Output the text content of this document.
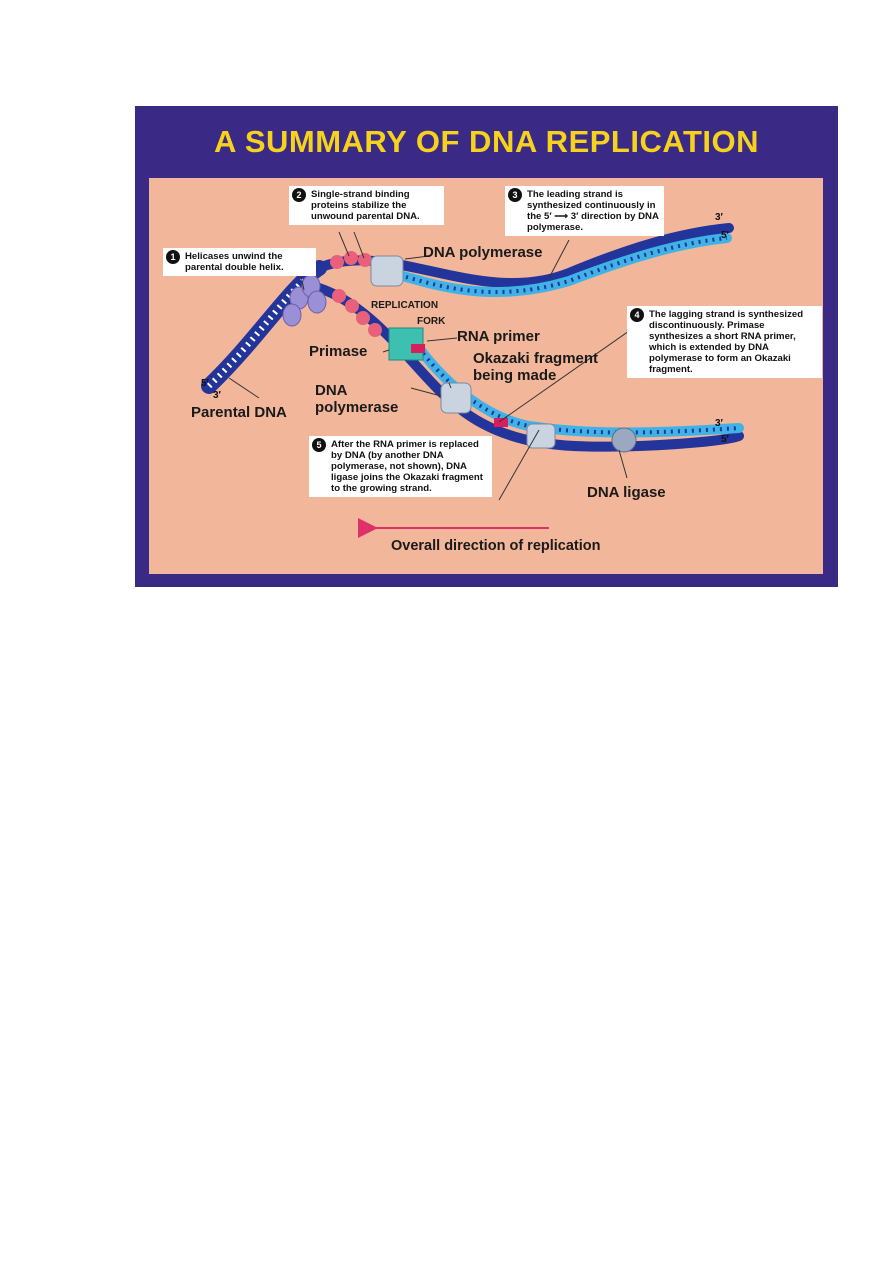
A SUMMARY OF DNA REPLICATION
1 Helicases unwind the parental double helix.
2 Single-strand binding proteins stabilize the unwound parental DNA.
3 The leading strand is synthesized continuously in the 5′ ⟶ 3′ direction by DNA polymerase.
4 The lagging strand is synthesized discontinuously. Primase synthesizes a short RNA primer, which is extended by DNA polymerase to form an Okazaki fragment.
5 After the RNA primer is replaced by DNA (by another DNA polymerase, not shown), DNA ligase joins the Okazaki fragment to the growing strand.
DNA polymerase
REPLICATION
FORK
RNA primer
Primase	Okazaki fragment
being made
DNA
polymerase
Parental DNA
DNA ligase
Overall direction of replication
3′
5′
5′
3′
3′
5′
